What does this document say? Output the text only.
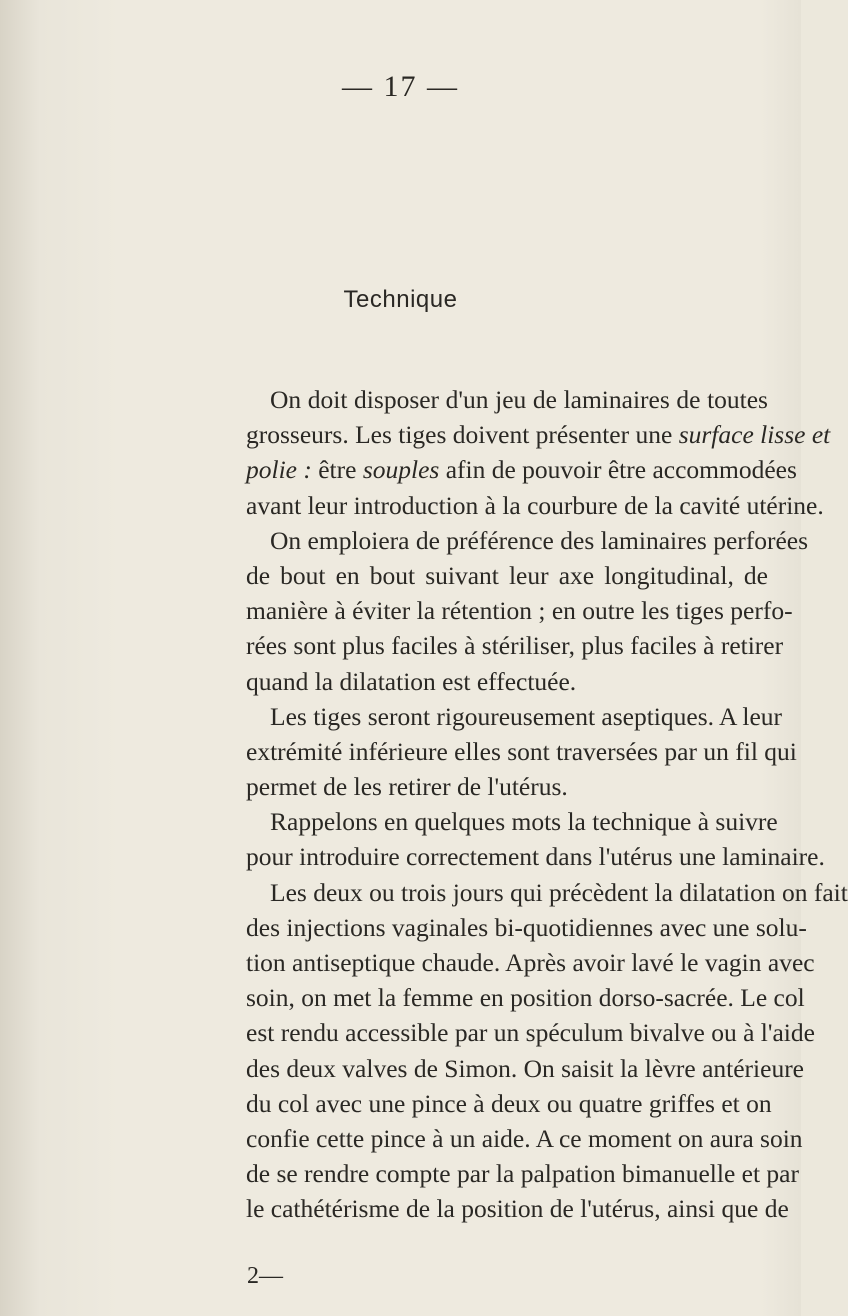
— 17 —
Technique
On doit disposer d'un jeu de laminaires de toutes
grosseurs. Les tiges doivent présenter une surface lisse et
polie : être souples afin de pouvoir être accommodées
avant leur introduction à la courbure de la cavité utérine.
On emploiera de préférence des laminaires perforées
de bout en bout suivant leur axe longitudinal, de
manière à éviter la rétention ; en outre les tiges perfo-
rées sont plus faciles à stériliser, plus faciles à retirer
quand la dilatation est effectuée.
Les tiges seront rigoureusement aseptiques. A leur
extrémité inférieure elles sont traversées par un fil qui
permet de les retirer de l'utérus.
Rappelons en quelques mots la technique à suivre
pour introduire correctement dans l'utérus une laminaire.
Les deux ou trois jours qui précèdent la dilatation on fait
des injections vaginales bi-quotidiennes avec une solu-
tion antiseptique chaude. Après avoir lavé le vagin avec
soin, on met la femme en position dorso-sacrée. Le col
est rendu accessible par un spéculum bivalve ou à l'aide
des deux valves de Simon. On saisit la lèvre antérieure
du col avec une pince à deux ou quatre griffes et on
confie cette pince à un aide. A ce moment on aura soin
de se rendre compte par la palpation bimanuelle et par
le cathétérisme de la position de l'utérus, ainsi que de
2—
